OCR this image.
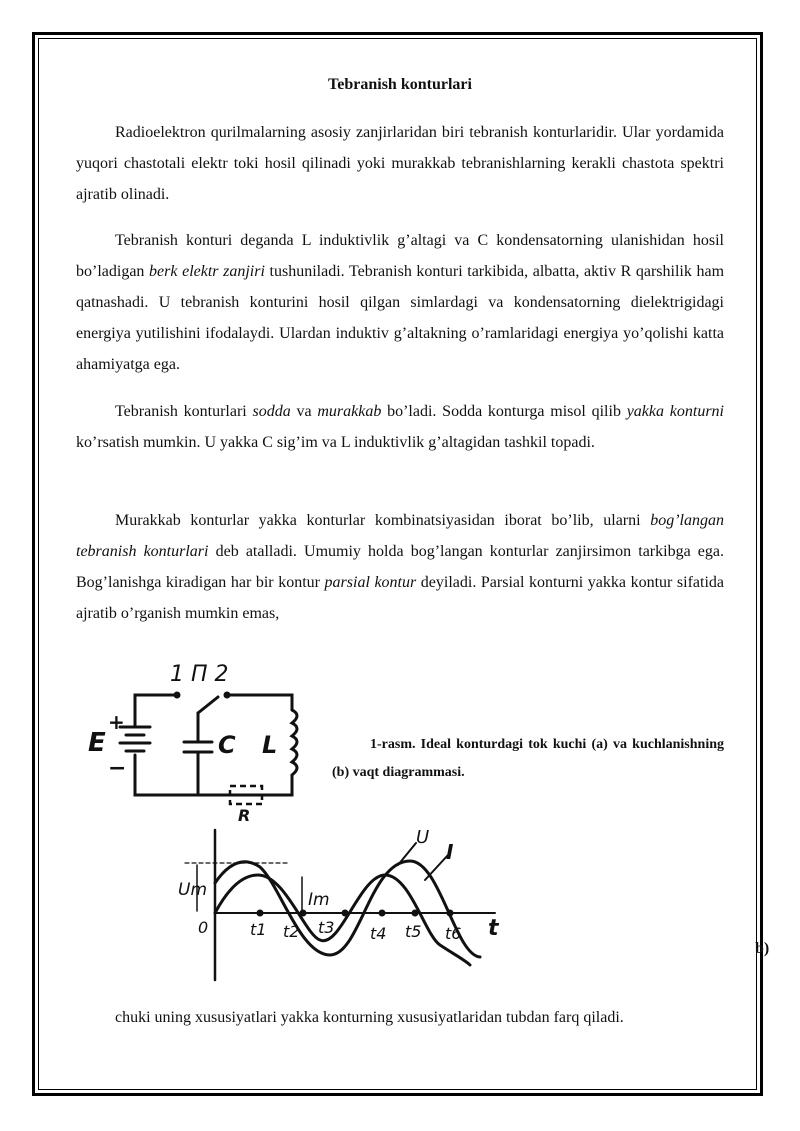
Tebranish konturlari

Radioelektron qurilmalarning asosiy zanjirlaridan biri tebranish konturlaridir. Ular yordamida yuqori chastotali elektr toki hosil qilinadi yoki murakkab tebranishlarning kerakli chastota spektri ajratib olinadi.

Tebranish konturi deganda L induktivlik g’altagi va C kondensatorning ulanishidan hosil bo’ladigan berk elektr zanjiri tushuniladi. Tebranish konturi tarkibida, albatta, aktiv R qarshilik ham qatnashadi. U tebranish konturini hosil qilgan simlardagi va kondensatorning dielektrigidagi energiya yutilishini ifodalaydi. Ulardan induktiv g’altakning o’ramlaridagi energiya yo’qolishi katta ahamiyatga ega.

Tebranish konturlari sodda va murakkab bo’ladi. Sodda konturga misol qilib yakka konturni ko’rsatish mumkin. U yakka C sig’im va L induktivlik g’altagidan tashkil topadi.

Murakkab konturlar yakka konturlar kombinatsiyasidan iborat bo’lib, ularni bog’langan tebranish konturlari deb atalladi. Umumiy holda bog’langan konturlar zanjirsimon tarkibga ega. Bog’lanishga kiradigan har bir kontur parsial kontur deyiladi. Parsial konturni yakka kontur sifatida ajratib o’rganish mumkin emas,

1 П 2
E
+
−
C L
R
1-rasm. Ideal konturdagi tok kuchi (a) va kuchlanishning (b) vaqt diagrammasi.
U
I
Um	Im
0	t
t1 t2 t3 t4 t5 t6
b)

chuki uning xususiyatlari yakka konturning xususiyatlaridan tubdan farq qiladi.
